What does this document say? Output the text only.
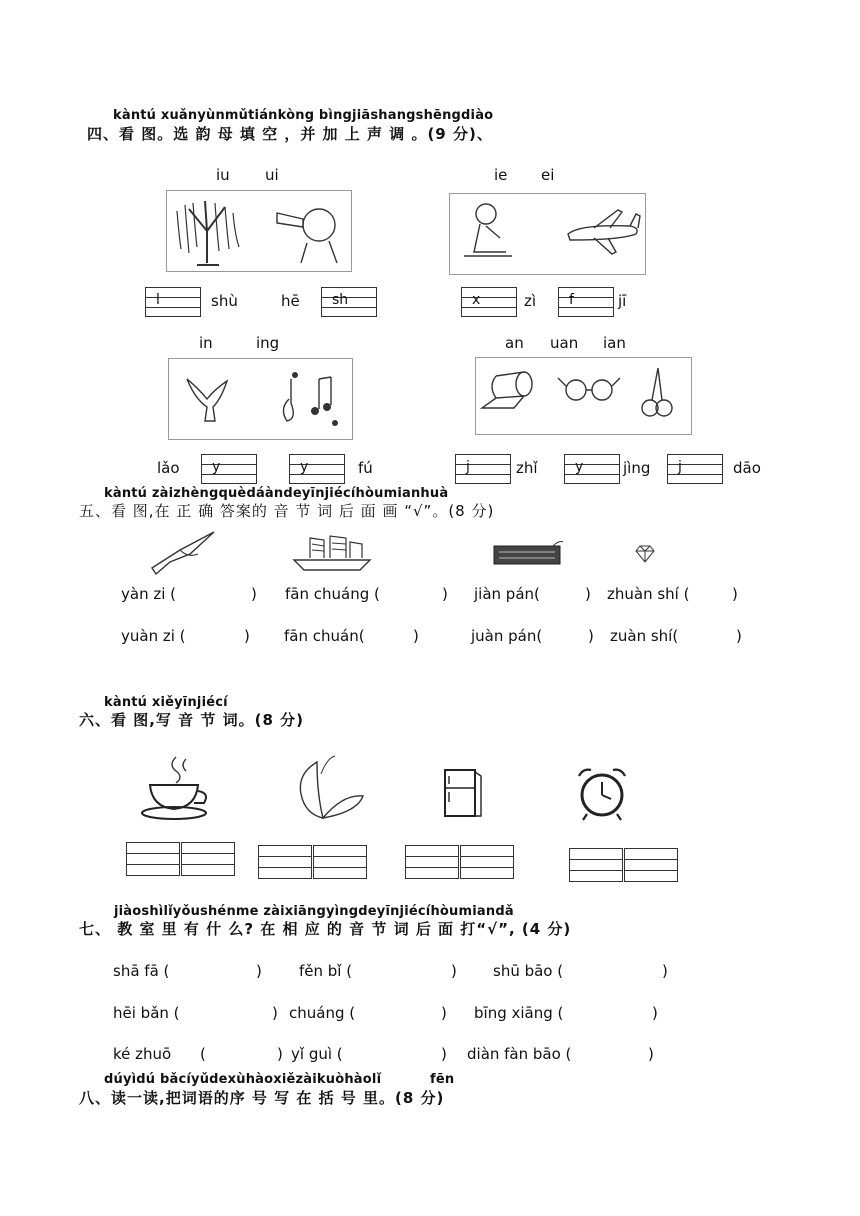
kàntú xuǎnyùnmǔtiánkòng bìngjiāshangshēngdiào
四、看 图。选 韵 母 填 空 ，并 加 上 声 调 。(9 分)、
iu ui	ie ei
l	shù	hē sh	x	zì f	jī
in	ing	an uan ian
lǎo y	y	fú	j	zhǐ	y	jìng j	dāo
kàntú zàizhèngquèdáàndeyīnjiécíhòumianhuà
五、看 图,在 正 确 答案的 音 节 词 后 面 画 “√”。(8 分)
yàn zi (	) fān chuáng (	) jiàn pán(	) zhuàn shí (	)
yuàn zi (	) fān chuán(	)	juàn pán(	) zuàn shí(	)
kàntú xiěyīnjiécí
六、看 图,写 音 节 词。(8 分)
jiàoshìlǐyǒushénme zàixiāngyìngdeyīnjiécíhòumiandǎ
七、 教 室 里 有 什 么? 在 相 应 的 音 节 词 后 面 打“√”, (4 分)
shā fā (	) fěn bǐ (	) shū bāo (	)
hēi bǎn (	) chuáng (	) bīng xiāng (	)
ké zhuō (	) yǐ guì (	) diàn fàn bāo (	)
dúyìdú bǎcíyǔdexùhàoxiězàikuòhàolǐ	fēn
八、读一读,把词语的序 号 写 在 括 号 里。(8 分)
